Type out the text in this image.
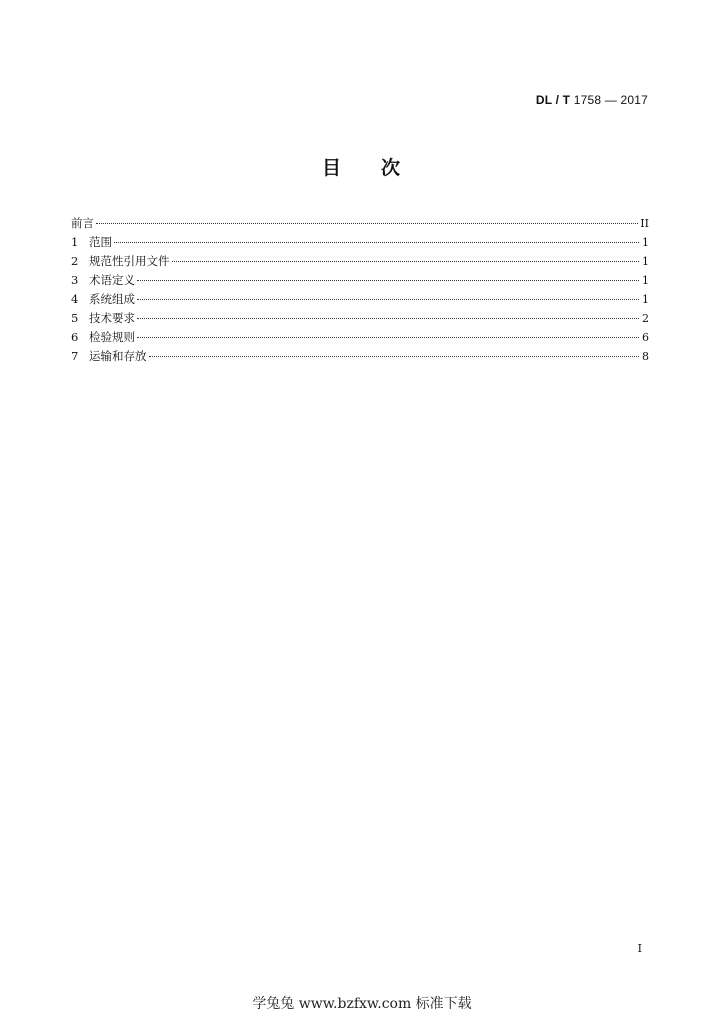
DL / T 1758 — 2017
目 次
前言	II
1 范围	1
2 规范性引用文件	1
3 术语定义	1
4 系统组成	1
5 技术要求	2
6 检验规则	6
7 运输和存放	8
I
学兔兔 www.bzfxw.com 标准下载
